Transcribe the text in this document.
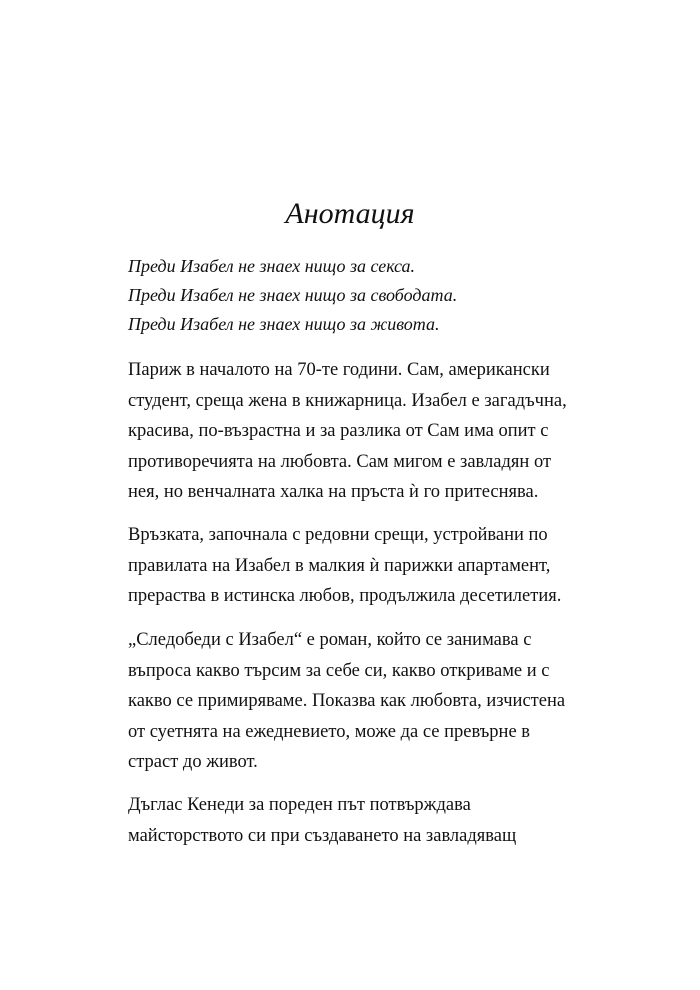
Анотация
Преди Изабел не знаех нищо за секса.
Преди Изабел не знаех нищо за свободата.
Преди Изабел не знаех нищо за живота.
Париж в началото на 70-те години. Сам, американски
студент, среща жена в книжарница. Изабел е загадъчна,
красива, по-възрастна и за разлика от Сам има опит с
противоречията на любовта. Сам мигом е завладян от
нея, но венчалната халка на пръста ѝ го притеснява.
Връзката, започнала с редовни срещи, устройвани по
правилата на Изабел в малкия ѝ парижки апартамент,
прераства в истинска любов, продължила десетилетия.
„Следобеди с Изабел“ е роман, който се занимава с
въпроса какво търсим за себе си, какво откриваме и с
какво се примиряваме. Показва как любовта, изчистена
от суетнята на ежедневието, може да се превърне в
страст до живот.
Дъглас Кенеди за пореден път потвърждава
майсторството си при създаването на завладяващ
